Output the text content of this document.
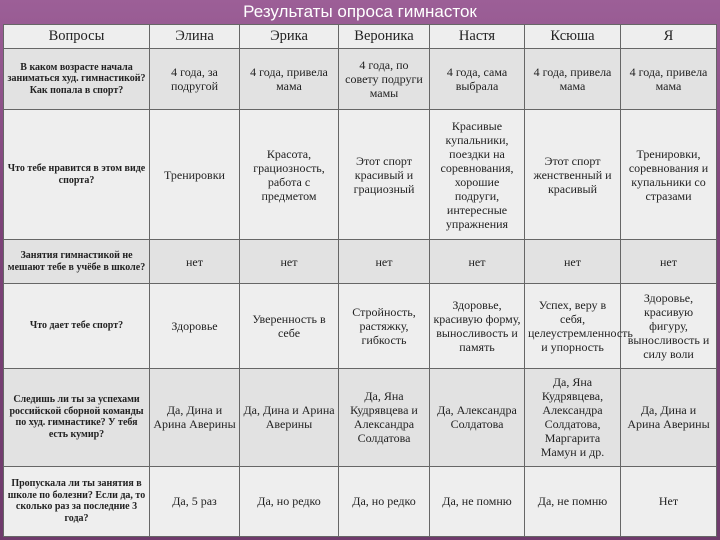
Результаты опроса гимнасток
Вопросы	Элина	Эрика	Вероника	Настя	Ксюша	Я
В каком возрасте начала заниматься худ. гимнастикой? Как попала в спорт?	4 года, за подругой	4 года, привела мама	4 года, по совету подруги мамы	4 года, сама выбрала	4 года, привела мама	4 года, привела мама
Что тебе нравится в этом виде спорта?	Тренировки	Красота, грациозность, работа с предметом	Этот спорт красивый и грациозный	Красивые купальники, поездки на соревнования, хорошие подруги, интересные упражнения	Этот спорт женственный и красивый	Тренировки, соревнования и купальники со стразами
Занятия гимнастикой не мешают тебе в учёбе в школе?	нет	нет	нет	нет	нет	нет
Что дает тебе спорт?	Здоровье	Уверенность в себе	Стройность, растяжку, гибкость	Здоровье, красивую форму, выносливость и память	Успех, веру в себя, целеустремленность и упорность	Здоровье, красивую фигуру, выносливость и силу воли
Следишь ли ты за успехами российской сборной команды по худ. гимнастике? У тебя есть кумир?	Да, Дина и Арина Аверины	Да, Дина и Арина Аверины	Да, Яна Кудрявцева и Александра Солдатова	Да, Александра Солдатова	Да, Яна Кудрявцева, Александра Солдатова, Маргарита Мамун и др.	Да, Дина и Арина Аверины
Пропускала ли ты занятия в школе по болезни? Если да, то сколько раз за последние 3 года?	Да, 5 раз	Да, но редко	Да, но редко	Да, не помню	Да, не помню	Нет
